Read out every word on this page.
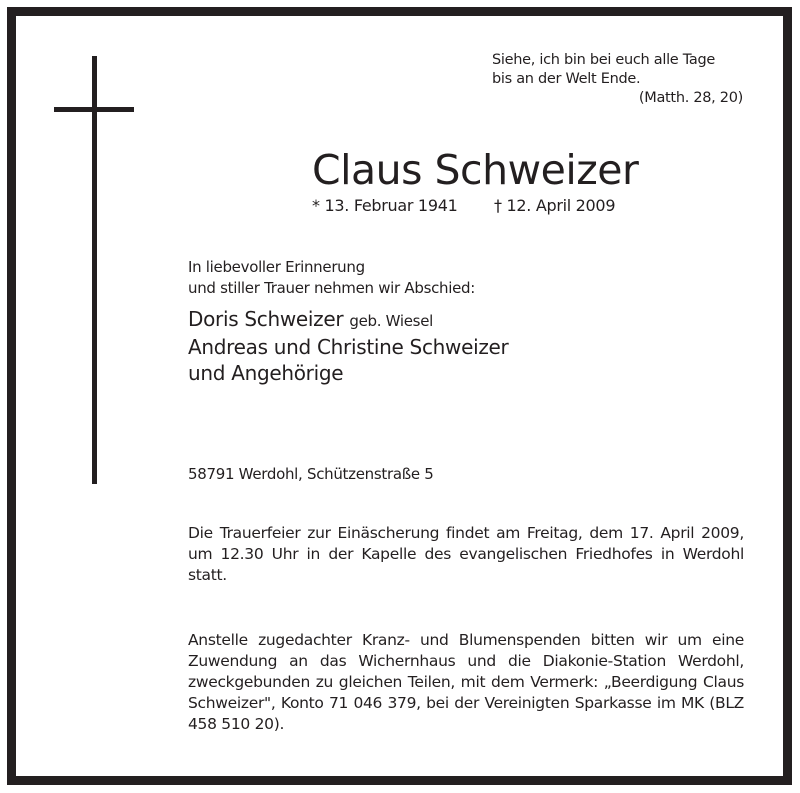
Siehe, ich bin bei euch alle Tage
bis an der Welt Ende.
(Matth. 28, 20)
Claus Schweizer
* 13. Februar 1941 † 12. April 2009
In liebevoller Erinnerung
und stiller Trauer nehmen wir Abschied:
Doris Schweizer geb. Wiesel
Andreas und Christine Schweizer
und Angehörige
58791 Werdohl, Schützenstraße 5
Die Trauerfeier zur Einäscherung findet am Freitag, dem 17. April 2009, um 12.30 Uhr in der Kapelle des evangelischen Friedhofes in Werdohl statt.
Anstelle zugedachter Kranz- und Blumenspenden bitten wir um eine Zuwendung an das Wichernhaus und die Diakonie-Station Werdohl, zweckgebunden zu gleichen Teilen, mit dem Vermerk: „Beerdigung Claus Schweizer", Konto 71 046 379, bei der Vereinigten Sparkasse im MK (BLZ 458 510 20).
